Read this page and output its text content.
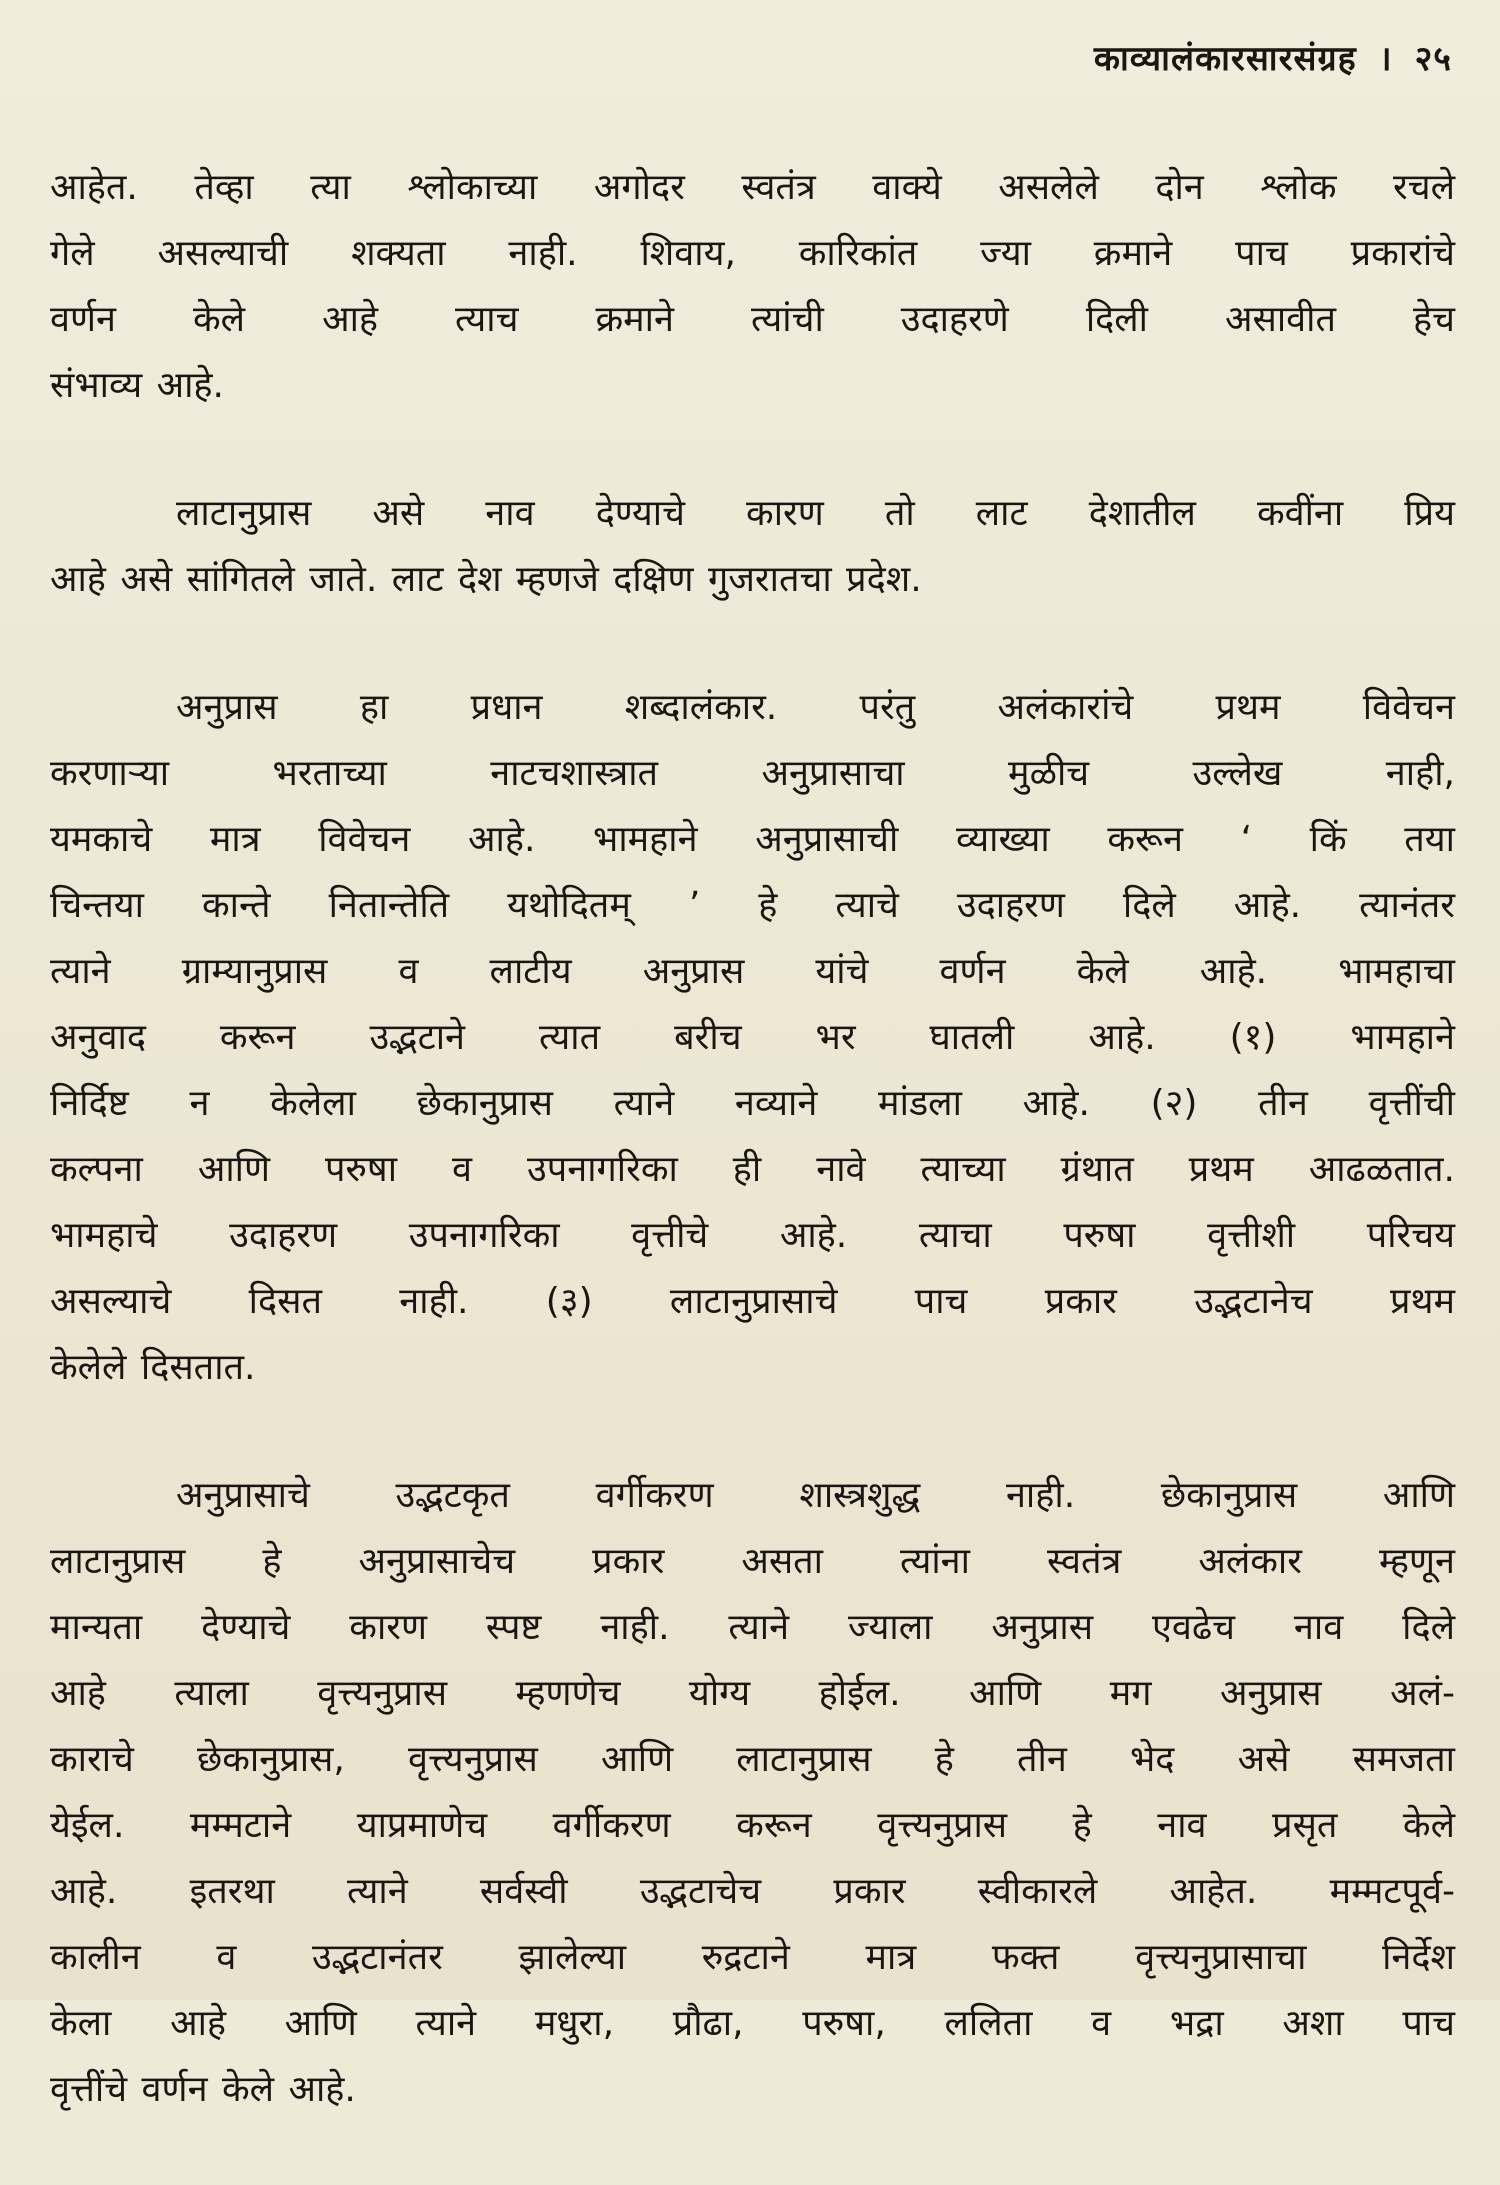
काव्यालंकारसारसंग्रह । २५

आहेत. तेव्हा त्या श्लोकाच्या अगोदर स्वतंत्र वाक्ये असलेले दोन श्लोक रचले
गेले असल्याची शक्यता नाही. शिवाय, कारिकांत ज्या क्रमाने पाच प्रकारांचे
वर्णन केले आहे त्याच क्रमाने त्यांची उदाहरणे दिली असावीत हेच
संभाव्य आहे.

लाटानुप्रास असे नाव देण्याचे कारण तो लाट देशातील कवींना प्रिय
आहे असे सांगितले जाते. लाट देश म्हणजे दक्षिण गुजरातचा प्रदेश.

अनुप्रास हा प्रधान शब्दालंकार. परंतु अलंकारांचे प्रथम विवेचन
करणाऱ्या भरताच्या नाटचशास्त्रात अनुप्रासाचा मुळीच उल्लेख नाही,
यमकाचे मात्र विवेचन आहे. भामहाने अनुप्रासाची व्याख्या करून ‘ किं तया
चिन्तया कान्ते नितान्तेति यथोदितम् ’ हे त्याचे उदाहरण दिले आहे. त्यानंतर
त्याने ग्राम्यानुप्रास व लाटीय अनुप्रास यांचे वर्णन केले आहे. भामहाचा
अनुवाद करून उद्भटाने त्यात बरीच भर घातली आहे. (१) भामहाने
निर्दिष्ट न केलेला छेकानुप्रास त्याने नव्याने मांडला आहे. (२) तीन वृत्तींची
कल्पना आणि परुषा व उपनागरिका ही नावे त्याच्या ग्रंथात प्रथम आढळतात.
भामहाचे उदाहरण उपनागरिका वृत्तीचे आहे. त्याचा परुषा वृत्तीशी परिचय
असल्याचे दिसत नाही. (३) लाटानुप्रासाचे पाच प्रकार उद्भटानेच प्रथम
केलेले दिसतात.

अनुप्रासाचे उद्भटकृत वर्गीकरण शास्त्रशुद्ध नाही. छेकानुप्रास आणि
लाटानुप्रास हे अनुप्रासाचेच प्रकार असता त्यांना स्वतंत्र अलंकार म्हणून
मान्यता देण्याचे कारण स्पष्ट नाही. त्याने ज्याला अनुप्रास एवढेच नाव दिले
आहे त्याला वृत्त्यनुप्रास म्हणणेच योग्य होईल. आणि मग अनुप्रास अलं-
काराचे छेकानुप्रास, वृत्त्यनुप्रास आणि लाटानुप्रास हे तीन भेद असे समजता
येईल. मम्मटाने याप्रमाणेच वर्गीकरण करून वृत्त्यनुप्रास हे नाव प्रसृत केले
आहे. इतरथा त्याने सर्वस्वी उद्भटाचेच प्रकार स्वीकारले आहेत. मम्मटपूर्व-
कालीन व उद्भटानंतर झालेल्या रुद्रटाने मात्र फक्त वृत्त्यनुप्रासाचा निर्देश
केला आहे आणि त्याने मधुरा, प्रौढा, परुषा, ललिता व भद्रा अशा पाच
वृत्तींचे वर्णन केले आहे.
